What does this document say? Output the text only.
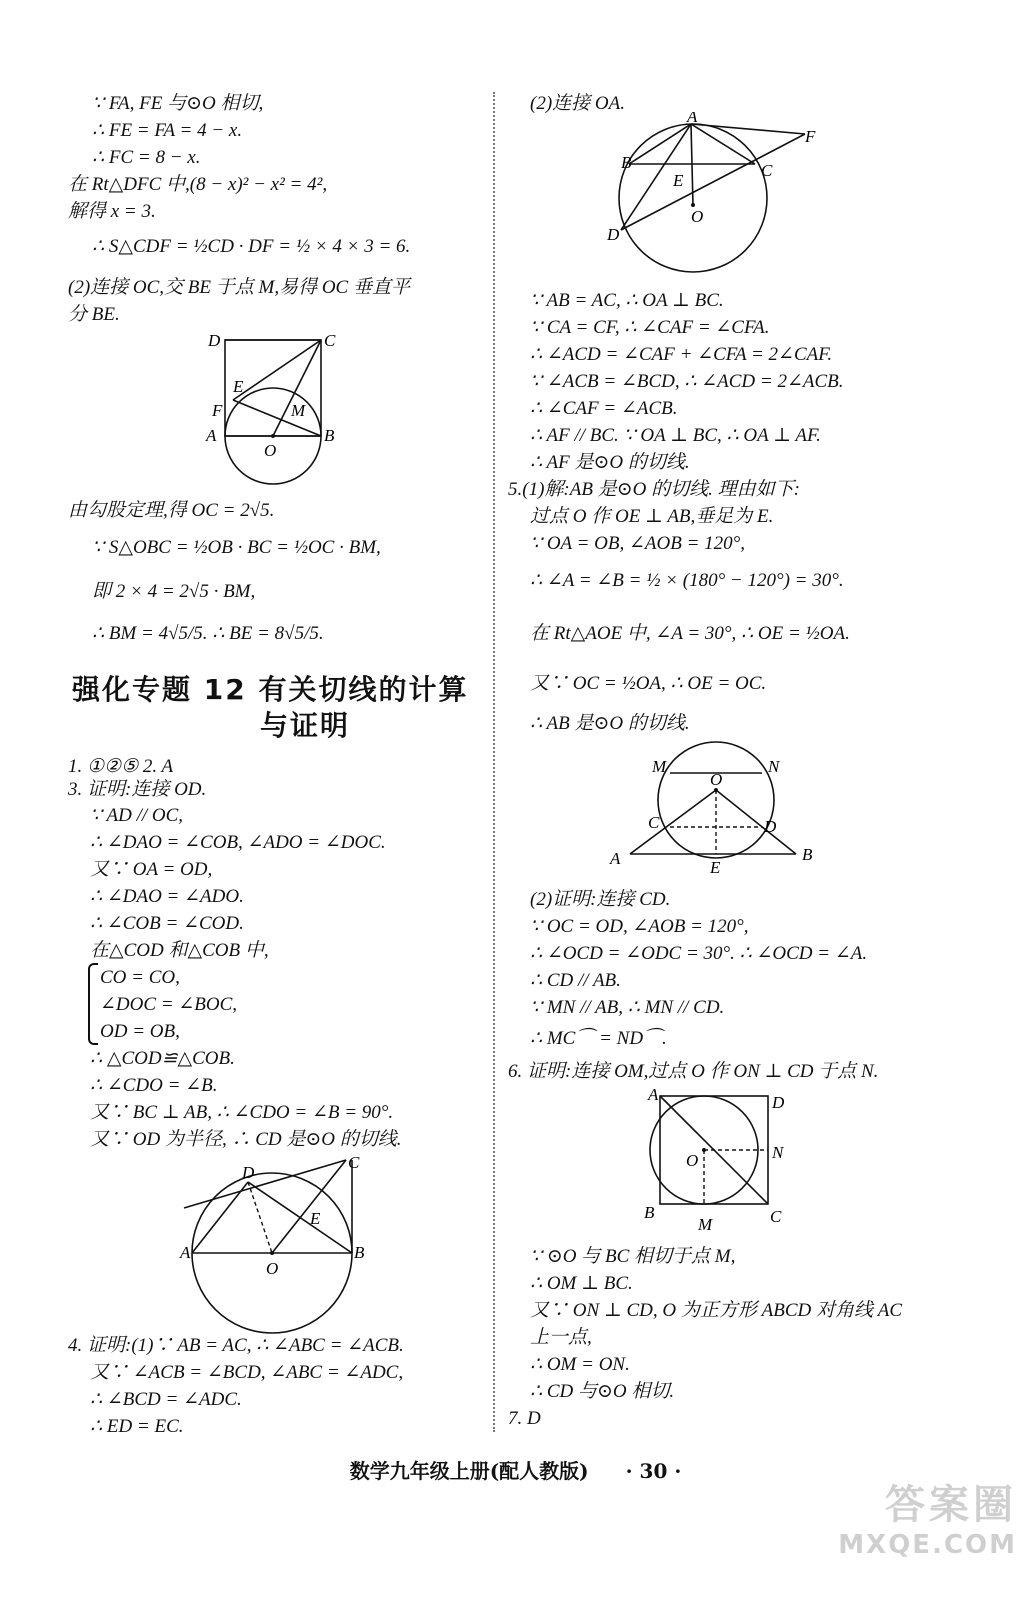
∵ FA, FE 与⊙O 相切,
∴ FE = FA = 4 − x.
∴ FC = 8 − x.
在 Rt△DFC 中,(8 − x)² − x² = 4²,
解得 x = 3.
∴ S△CDF = ½CD · DF = ½ × 4 × 3 = 6.
(2)连接 OC,交 BE 于点 M,易得 OC 垂直平
分 BE.
D	C
E
F	M
A	B
O
由勾股定理,得 OC = 2√5.
∵ S△OBC = ½OB · BC = ½OC · BM,
即 2 × 4 = 2√5 · BM,
∴ BM = 4√5/5. ∴ BE = 8√5/5.
强化专题 12 有关切线的计算
与证明
1. ①②⑤ 2. A
3. 证明:连接 OD.
∵ AD // OC,
∴ ∠DAO = ∠COB, ∠ADO = ∠DOC.
又∵ OA = OD,
∴ ∠DAO = ∠ADO.
∴ ∠COB = ∠COD.
在△COD 和△COB 中,
CO = CO,
∠DOC = ∠BOC,
OD = OB,
∴ △COD≌△COB.
∴ ∠CDO = ∠B.
又∵ BC ⊥ AB, ∴ ∠CDO = ∠B = 90°.
又∵ OD 为半径, ∴ CD 是⊙O 的切线.
D
C
E
A	B
O
4. 证明:(1)∵ AB = AC, ∴ ∠ABC = ∠ACB.
又∵ ∠ACB = ∠BCD, ∠ABC = ∠ADC,
∴ ∠BCD = ∠ADC.
∴ ED = EC.
(2)连接 OA.
A
F
B	C
E
O
D
∵ AB = AC, ∴ OA ⊥ BC.
∵ CA = CF, ∴ ∠CAF = ∠CFA.
∴ ∠ACD = ∠CAF + ∠CFA = 2∠CAF.
∵ ∠ACB = ∠BCD, ∴ ∠ACD = 2∠ACB.
∴ ∠CAF = ∠ACB.
∴ AF // BC. ∵ OA ⊥ BC, ∴ OA ⊥ AF.
∴ AF 是⊙O 的切线.
5.(1)解:AB 是⊙O 的切线. 理由如下:
过点 O 作 OE ⊥ AB,垂足为 E.
∵ OA = OB, ∠AOB = 120°,
∴ ∠A = ∠B = ½ × (180° − 120°) = 30°.
在 Rt△AOE 中, ∠A = 30°, ∴ OE = ½OA.
又∵ OC = ½OA, ∴ OE = OC.
∴ AB 是⊙O 的切线.
M	N
O
C	D
A	B
E
(2)证明:连接 CD.
∵ OC = OD, ∠AOB = 120°,
∴ ∠OCD = ∠ODC = 30°. ∴ ∠OCD = ∠A.
∴ CD // AB.
∵ MN // AB, ∴ MN // CD.
∴ MC⌒ = ND⌒.
6. 证明:连接 OM,过点 O 作 ON ⊥ CD 于点 N.
A	D
O	N
B
M	C
∵ ⊙O 与 BC 相切于点 M,
∴ OM ⊥ BC.
又∵ ON ⊥ CD, O 为正方形 ABCD 对角线 AC
上一点,
∴ OM = ON.
∴ CD 与⊙O 相切.
7. D
数学九年级上册(配人教版) · 30 ·
答案圈
MXQE.COM
